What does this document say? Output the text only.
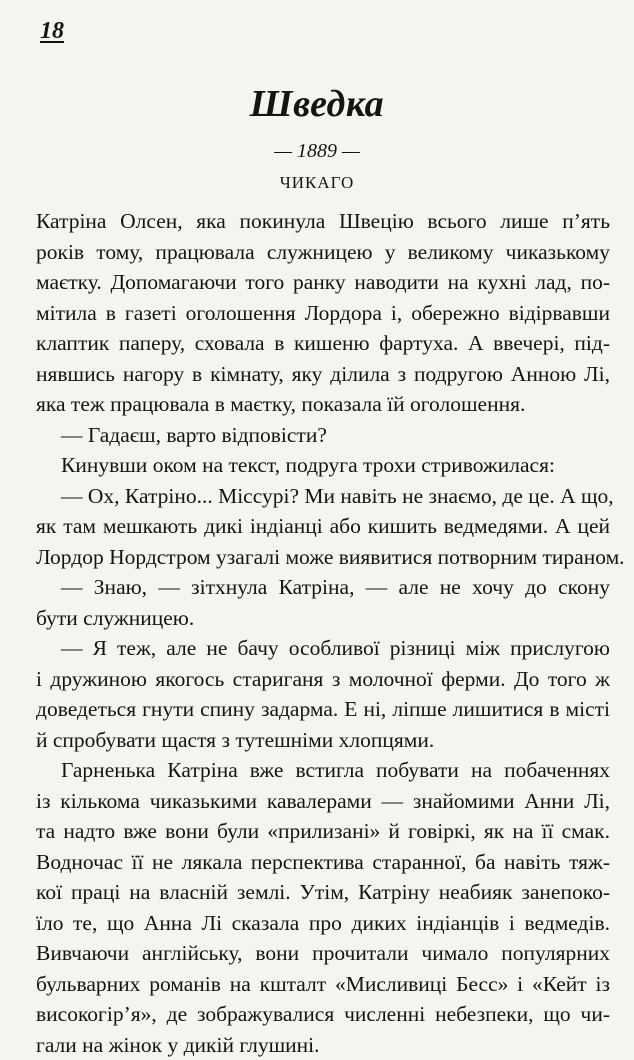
18
Шведка
— 1889 —
ЧИКАГО
Катріна Олсен, яка покинула Швецію всього лише п’ять
років тому, працювала служницею у великому чиказькому
маєтку. Допомагаючи того ранку наводити на кухні лад, по-
мітила в газеті оголошення Лордора і, обережно відірвавши
клаптик паперу, сховала в кишеню фартуха. А ввечері, під-
нявшись нагору в кімнату, яку ділила з подругою Анною Лі,
яка теж працювала в маєтку, показала їй оголошення.
— Гадаєш, варто відповісти?
Кинувши оком на текст, подруга трохи стривожилася:
— Ох, Катріно... Міссурі? Ми навіть не знаємо, де це. А що,
як там мешкають дикі індіанці або кишить ведмедями. А цей
Лордор Нордстром узагалі може виявитися потворним тираном.
— Знаю, — зітхнула Катріна, — але не хочу до скону
бути служницею.
— Я теж, але не бачу особливої різниці між прислугою
і дружиною якогось стариганя з молочної ферми. До того ж
доведеться гнути спину задарма. Е ні, ліпше лишитися в місті
й спробувати щастя з тутешніми хлопцями.
Гарненька Катріна вже встигла побувати на побаченнях
із кількома чиказькими кавалерами — знайомими Анни Лі,
та надто вже вони були «прилизані» й говіркі, як на її смак.
Водночас її не лякала перспектива старанної, ба навіть тяж-
кої праці на власній землі. Утім, Катріну неабияк занепоко-
їло те, що Анна Лі сказала про диких індіанців і ведмедів.
Вивчаючи англійську, вони прочитали чимало популярних
бульварних романів на кшталт «Мисливиці Бесс» і «Кейт із
високогір’я», де зображувалися численні небезпеки, що чи-
гали на жінок у дикій глушині.
